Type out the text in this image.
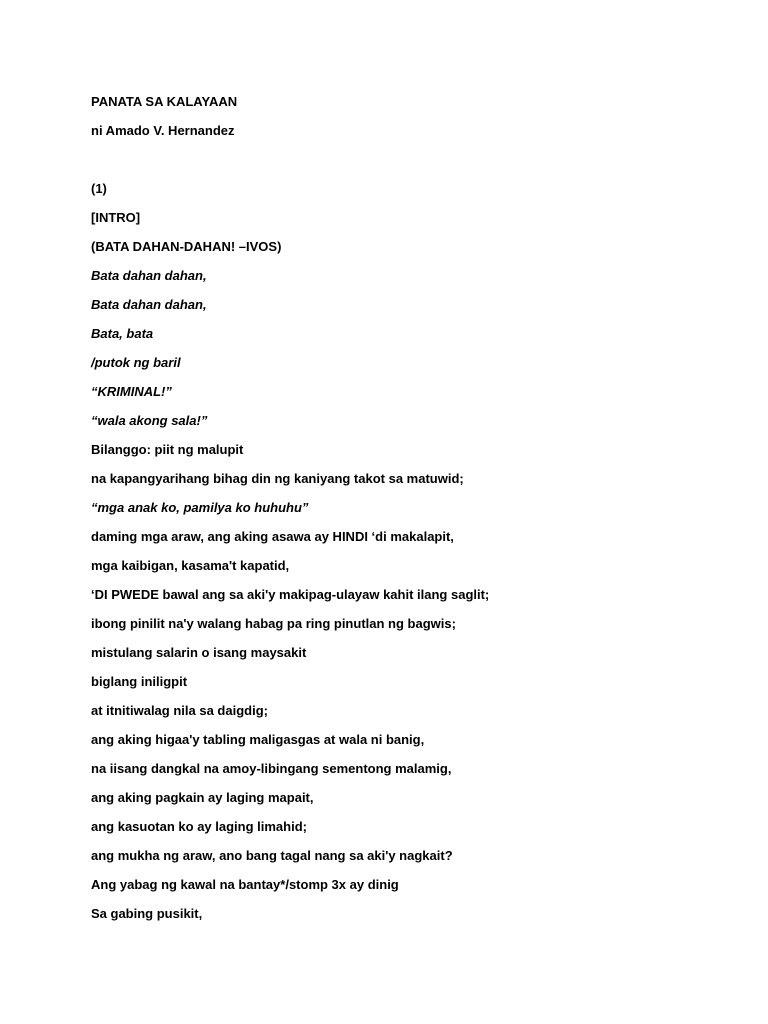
PANATA SA KALAYAAN
ni Amado V. Hernandez
(1)
[INTRO]
(BATA DAHAN-DAHAN! –IVOS)
Bata dahan dahan,
Bata dahan dahan,
Bata, bata
/putok ng baril
“KRIMINAL!”
“wala akong sala!”
Bilanggo: piit ng malupit
na kapangyarihang bihag din ng kaniyang takot sa matuwid;
“mga anak ko, pamilya ko huhuhu”
daming mga araw, ang aking asawa ay HINDI ‘di makalapit,
mga kaibigan, kasama't kapatid,
‘DI PWEDE bawal ang sa aki'y makipag-ulayaw kahit ilang saglit;
ibong pinilit na'y walang habag pa ring pinutlan ng bagwis;
mistulang salarin o isang maysakit
biglang iniligpit
at itnitiwalag nila sa daigdig;
ang aking higaa'y tabling maligasgas at wala ni banig,
na iisang dangkal na amoy-libingang sementong malamig,
ang aking pagkain ay laging mapait,
ang kasuotan ko ay laging limahid;
ang mukha ng araw, ano bang tagal nang sa aki'y nagkait?
Ang yabag ng kawal na bantay*/stomp 3x ay dinig
Sa gabing pusikit,
